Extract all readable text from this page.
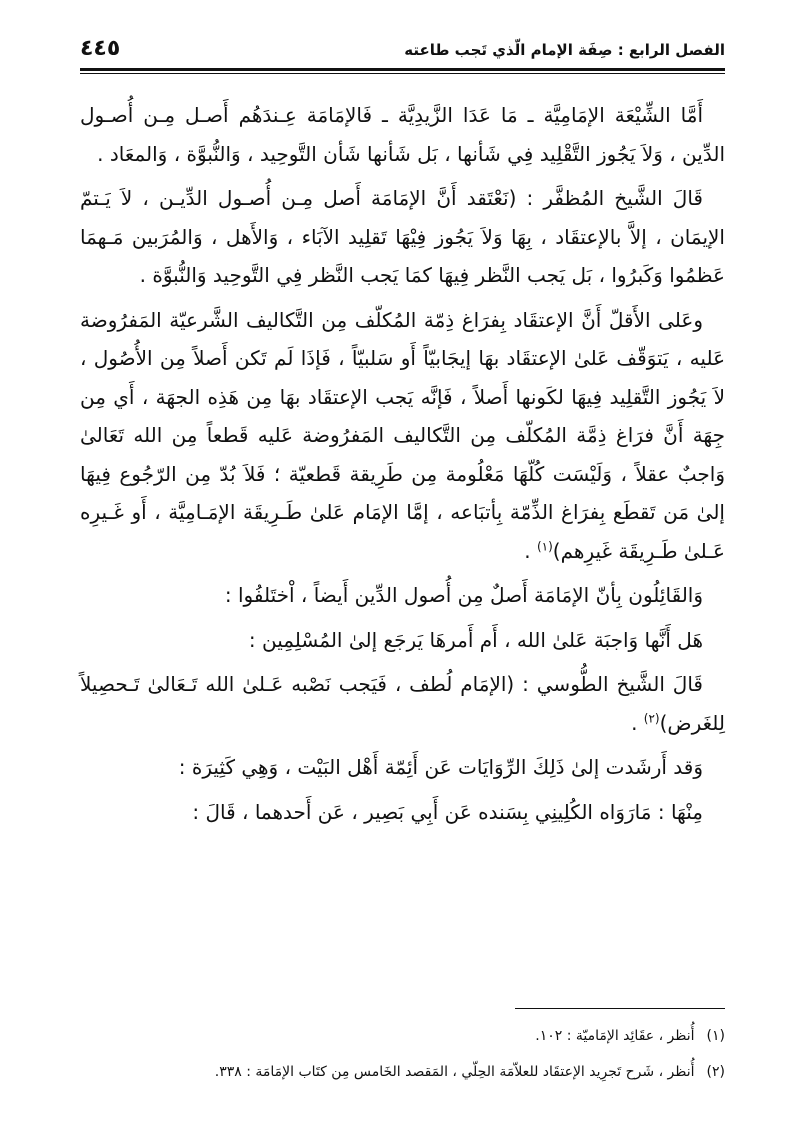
الفصل الرابع : صِفَة الإمام الّذي تَجب طاعته
٤٤٥

أَمَّا الشِّيْعَة الإمَامِيَّة ـ مَا عَدَا الزَّيدِيَّة ـ فَالإمَامَة عِـندَهُم أَصـل مِـن أُصـول الدِّين ، وَلاَ يَجُوز التَّقْلِيد فِي شَأنها ، بَل شَأنها شَأن التَّوحِيد ، وَالنُّبوَّة ، وَالمعَاد .

قَالَ الشَّيخ المُظفَّر : (نَعْتَقد أَنَّ الإمَامَة أَصل مِـن أُصـول الدِّيـن ، لاَ يَـتمّ الإيمَان ، إلاَّ بالإعتقَاد ، بِهَا وَلاَ يَجُوز فِيْهَا تَقلِيد الآبَاء ، وَالأَهل ، وَالمُرَبين مَـهمَا عَظمُوا وَكَبرُوا ، بَل يَجب النَّظر فِيهَا كمَا يَجب النَّظر فِي التَّوحِيد وَالنُّبوَّة .

وعَلى الأَقلّ أَنَّ الإعتقَاد بِفرَاغ ذِمّة المُكلّف مِن التَّكاليف الشَّرعيّة المَفرُوضة عَليه ، يَتوَقّف عَلىٰ الإعتقَاد بهَا إيجَابيّاً أَو سَلبيّاً ، فَإذَا لَم تَكن أَصلاً مِن الأُصُول ، لاَ يَجُوز التَّقلِيد فِيهَا لكَونها أَصلاً ، فَإنَّه يَجب الإعتقَاد بهَا مِن هَذِه الجهَة ، أَي مِن جِهَة أَنَّ فرَاغ ذِمَّة المُكلّف مِن التَّكاليف المَفرُوضة عَليه قَطعاً مِن الله تَعَالىٰ وَاجبٌ عقلاً ، وَلَيْسَت كُلّهَا مَعْلُومة مِن طَرِيقة قَطعيّة ؛ فَلاَ بُدّ مِن الرّجُوع فِيهَا إلىٰ مَن تَقطَع بِفرَاغ الذِّمّة بِأتبَاعه ، إمَّا الإمَام عَلىٰ طَـرِيقَة الإمَـامِيَّة ، أَو غَـيرِه عَـلىٰ طَـرِيقَة غَيرِهم)$^{(١)}$ .

وَالقَائِلُون بِأنّ الإمَامَة أَصلٌ مِن أُصول الدِّين أَيضاً ، اْختَلفُوا :

هَل أَنَّها وَاجبَة عَلىٰ الله ، أَم أَمرهَا يَرجَع إلىٰ المُسْلِمِين :

قَالَ الشَّيخ الطُّوسي : (الإمَام لُطف ، فَيَجب نَصْبه عَـلىٰ الله تَـعَالىٰ تَـحصِيلاً لِلغَرض)$^{(٢)}$ .

وَقد أَرشَدت إلىٰ ذَلِكَ الرِّوَايَات عَن أَئِمّة أَهْل البَيْت ، وَهِي كَثِيرَة :

مِنْهَا : مَارَوَاه الكُلِينِي بِسَنده عَن أَبِي بَصِير ، عَن أَحدهما ، قَالَ :

(١) أُنظر ، عقَائِد الإمَاميّة : ١٠٢.
(٢) أُنظر ، شَرح تَجرِيد الإعتقَاد للعلاّمَة الحِلّي ، المَقصد الخَامس مِن كتَاب الإمَامَة : ٣٣٨.
